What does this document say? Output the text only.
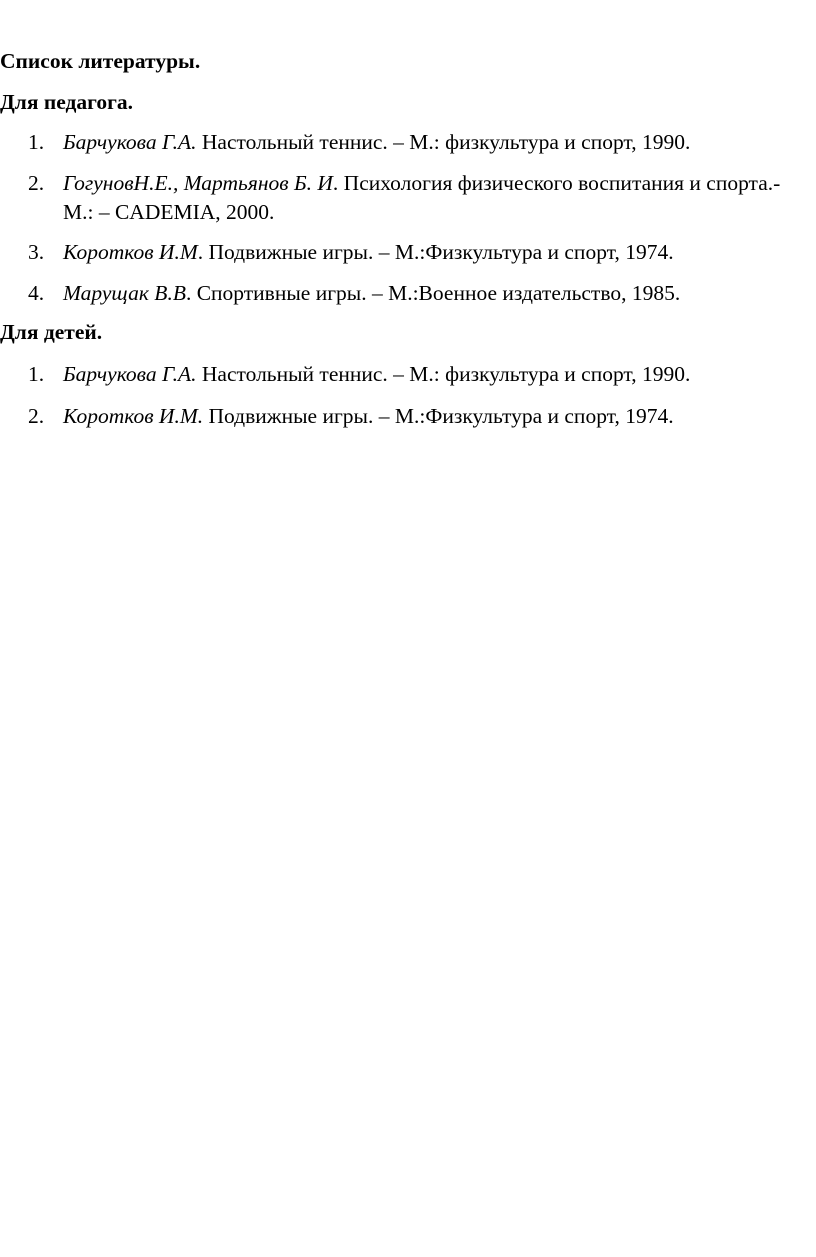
Список литературы.
Для педагога.
1. Барчукова Г.А. Настольный теннис. – М.: физкультура и спорт, 1990.
2. ГогуновН.Е., Мартьянов Б. И. Психология физического воспитания и спорта.-М.: – CADEMIA, 2000.
3. Коротков И.М. Подвижные игры. – М.:Физкультура и спорт, 1974.
4. Марущак В.В. Спортивные игры. – М.:Военное издательство, 1985.
Для детей.
1. Барчукова Г.А. Настольный теннис. – М.: физкультура и спорт, 1990.
2. Коротков И.М. Подвижные игры. – М.:Физкультура и спорт, 1974.
